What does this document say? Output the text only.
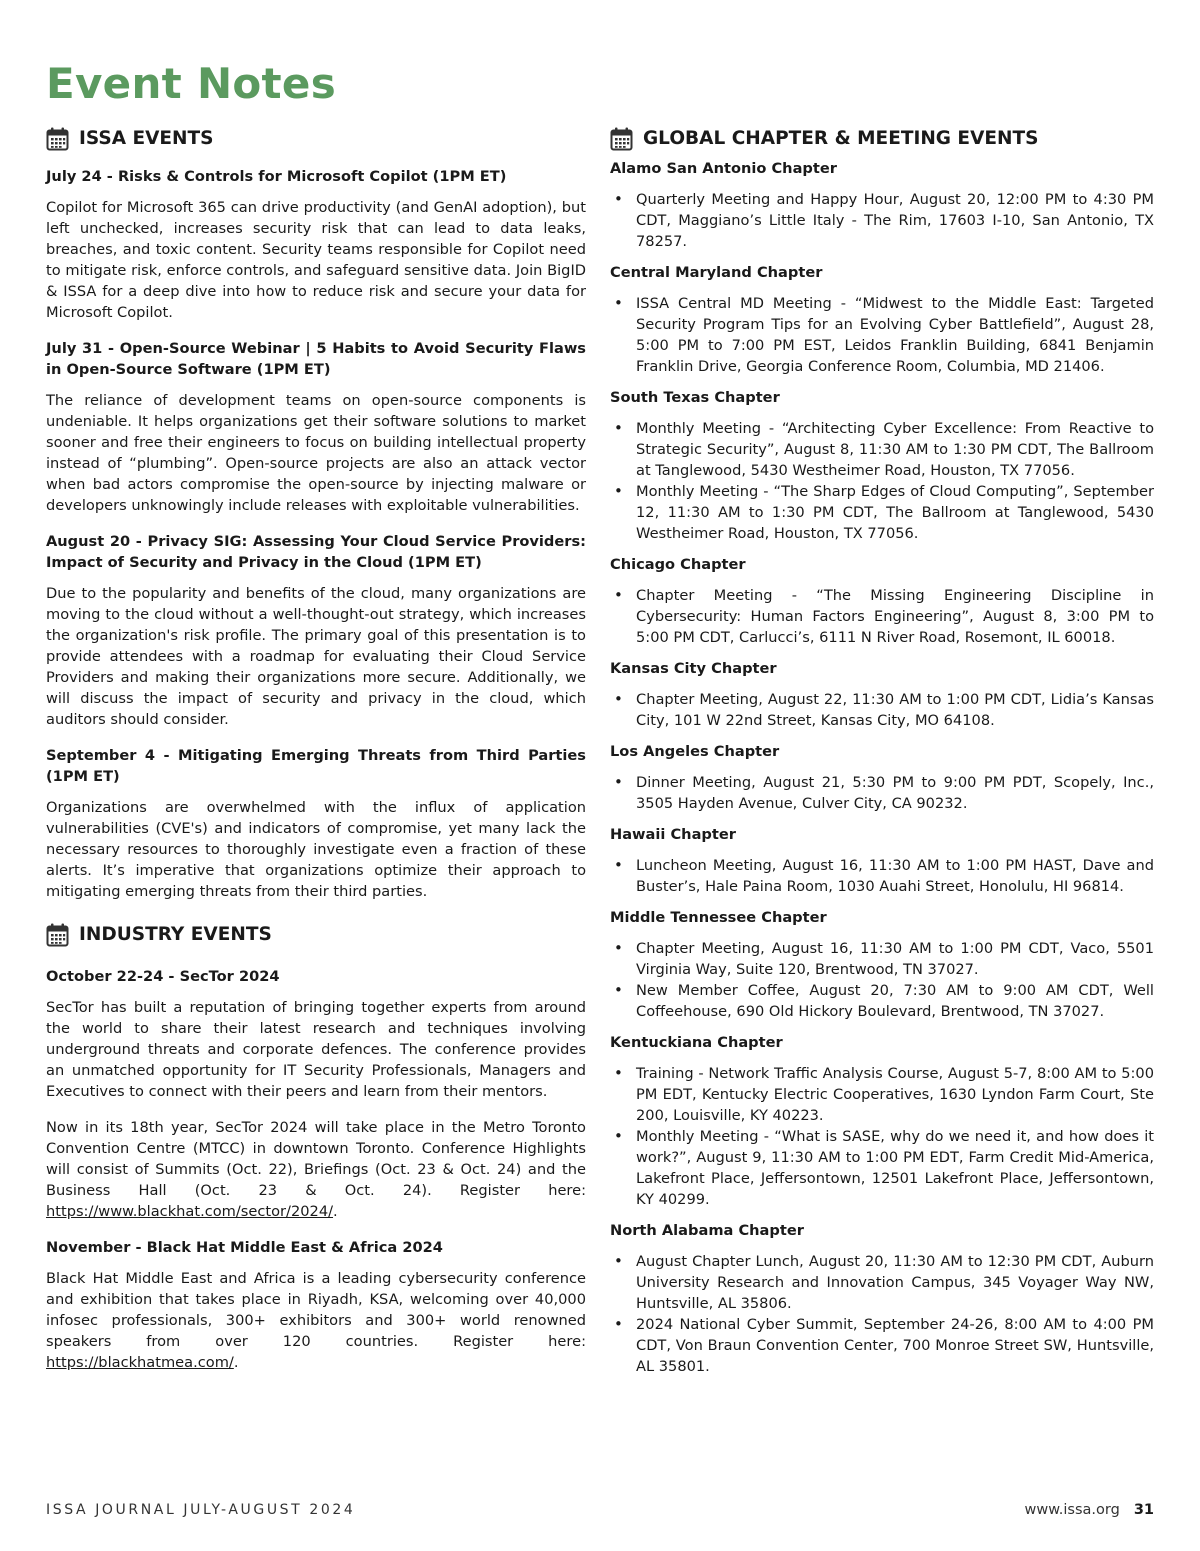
Event Notes
ISSA EVENTS

July 24 - Risks & Controls for Microsoft Copilot (1PM ET)

Copilot for Microsoft 365 can drive productivity (and GenAI adoption), but left unchecked, increases security risk that can lead to data leaks, breaches, and toxic content. Security teams responsible for Copilot need to mitigate risk, enforce controls, and safeguard sensitive data. Join BigID & ISSA for a deep dive into how to reduce risk and secure your data for Microsoft Copilot.

July 31 - Open-Source Webinar | 5 Habits to Avoid Security Flaws in Open-Source Software (1PM ET)

The reliance of development teams on open-source components is undeniable. It helps organizations get their software solutions to market sooner and free their engineers to focus on building intellectual property instead of “plumbing”. Open-source projects are also an attack vector when bad actors compromise the open-source by injecting malware or developers unknowingly include releases with exploitable vulnerabilities.

August 20 - Privacy SIG: Assessing Your Cloud Service Providers: Impact of Security and Privacy in the Cloud (1PM ET)

Due to the popularity and benefits of the cloud, many organizations are moving to the cloud without a well-thought-out strategy, which increases the organization's risk profile. The primary goal of this presentation is to provide attendees with a roadmap for evaluating their Cloud Service Providers and making their organizations more secure. Additionally, we will discuss the impact of security and privacy in the cloud, which auditors should consider.

September 4 - Mitigating Emerging Threats from Third Parties (1PM ET)

Organizations are overwhelmed with the influx of application vulnerabilities (CVE's) and indicators of compromise, yet many lack the necessary resources to thoroughly investigate even a fraction of these alerts. It’s imperative that organizations optimize their approach to mitigating emerging threats from their third parties.

INDUSTRY EVENTS

October 22-24 - SecTor 2024

SecTor has built a reputation of bringing together experts from around the world to share their latest research and techniques involving underground threats and corporate defences. The conference provides an unmatched opportunity for IT Security Professionals, Managers and Executives to connect with their peers and learn from their mentors.

Now in its 18th year, SecTor 2024 will take place in the Metro Toronto Convention Centre (MTCC) in downtown Toronto. Conference Highlights will consist of Summits (Oct. 22), Briefings (Oct. 23 & Oct. 24) and the Business Hall (Oct. 23 & Oct. 24). Register here: https://www.blackhat.com/sector/2024/.

November - Black Hat Middle East & Africa 2024

Black Hat Middle East and Africa is a leading cybersecurity conference and exhibition that takes place in Riyadh, KSA, welcoming over 40,000 infosec professionals, 300+ exhibitors and 300+ world renowned speakers from over 120 countries. Register here: https://blackhatmea.com/.

GLOBAL CHAPTER & MEETING EVENTS

Alamo San Antonio Chapter

• Quarterly Meeting and Happy Hour, August 20, 12:00 PM to 4:30 PM CDT, Maggiano’s Little Italy - The Rim, 17603 I-10, San Antonio, TX 78257.

Central Maryland Chapter

• ISSA Central MD Meeting - “Midwest to the Middle East: Targeted Security Program Tips for an Evolving Cyber Battlefield”, August 28, 5:00 PM to 7:00 PM EST, Leidos Franklin Building, 6841 Benjamin Franklin Drive, Georgia Conference Room, Columbia, MD 21406.

South Texas Chapter

• Monthly Meeting - “Architecting Cyber Excellence: From Reactive to Strategic Security”, August 8, 11:30 AM to 1:30 PM CDT, The Ballroom at Tanglewood, 5430 Westheimer Road, Houston, TX 77056.
• Monthly Meeting - “The Sharp Edges of Cloud Computing”, September 12, 11:30 AM to 1:30 PM CDT, The Ballroom at Tanglewood, 5430 Westheimer Road, Houston, TX 77056.

Chicago Chapter

• Chapter Meeting - “The Missing Engineering Discipline in Cybersecurity: Human Factors Engineering”, August 8, 3:00 PM to 5:00 PM CDT, Carlucci’s, 6111 N River Road, Rosemont, IL 60018.

Kansas City Chapter

• Chapter Meeting, August 22, 11:30 AM to 1:00 PM CDT, Lidia’s Kansas City, 101 W 22nd Street, Kansas City, MO 64108.

Los Angeles Chapter

• Dinner Meeting, August 21, 5:30 PM to 9:00 PM PDT, Scopely, Inc., 3505 Hayden Avenue, Culver City, CA 90232.

Hawaii Chapter

• Luncheon Meeting, August 16, 11:30 AM to 1:00 PM HAST, Dave and Buster’s, Hale Paina Room, 1030 Auahi Street, Honolulu, HI 96814.

Middle Tennessee Chapter

• Chapter Meeting, August 16, 11:30 AM to 1:00 PM CDT, Vaco, 5501 Virginia Way, Suite 120, Brentwood, TN 37027.
• New Member Coffee, August 20, 7:30 AM to 9:00 AM CDT, Well Coffeehouse, 690 Old Hickory Boulevard, Brentwood, TN 37027.

Kentuckiana Chapter

• Training - Network Traffic Analysis Course, August 5-7, 8:00 AM to 5:00 PM EDT, Kentucky Electric Cooperatives, 1630 Lyndon Farm Court, Ste 200, Louisville, KY 40223.
• Monthly Meeting - “What is SASE, why do we need it, and how does it work?”, August 9, 11:30 AM to 1:00 PM EDT, Farm Credit Mid-America, Lakefront Place, Jeffersontown, 12501 Lakefront Place, Jeffersontown, KY 40299.

North Alabama Chapter

• August Chapter Lunch, August 20, 11:30 AM to 12:30 PM CDT, Auburn University Research and Innovation Campus, 345 Voyager Way NW, Huntsville, AL 35806.
• 2024 National Cyber Summit, September 24-26, 8:00 AM to 4:00 PM CDT, Von Braun Convention Center, 700 Monroe Street SW, Huntsville, AL 35801.
ISSA JOURNAL JULY-AUGUST 2024	www.issa.org 31
